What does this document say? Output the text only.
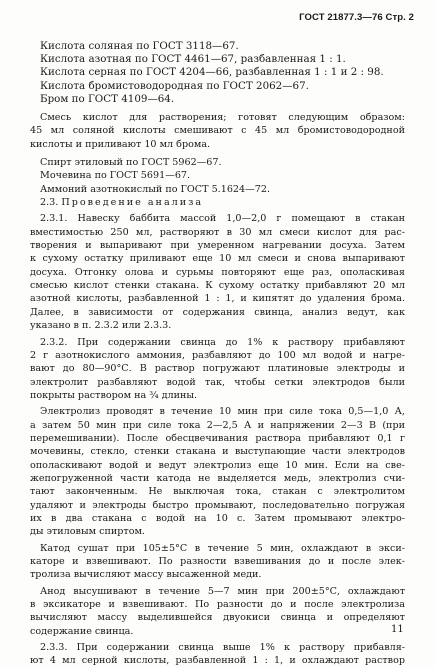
ГОСТ 21877.3—76 Стр. 2
Кислота соляная по ГОСТ 3118—67.
Кислота азотная по ГОСТ 4461—67, разбавленная 1 : 1.
Кислота серная по ГОСТ 4204—66, разбавленная 1 : 1 и 2 : 98.
Кислота бромистоводородная по ГОСТ 2062—67.
Бром по ГОСТ 4109—64.
Смесь кислот для растворения; готовят следующим образом:
45 мл соляной кислоты смешивают с 45 мл бромистоводородной
кислоты и приливают 10 мл брома.
Спирт этиловый по ГОСТ 5962—67.
Мочевина по ГОСТ 5691—67.
Аммоний азотнокислый по ГОСТ 5.1624—72.
2.3. Проведение анализа
2.3.1. Навеску баббита массой 1,0—2,0 г помещают в стакан
вместимостью 250 мл, растворяют в 30 мл смеси кислот для рас-
творения и выпаривают при умеренном нагревании досуха. Затем
к сухому остатку приливают еще 10 мл смеси и снова выпаривают
досуха. Отгонку олова и сурьмы повторяют еще раз, ополаскивая
смесью кислот стенки стакана. К сухому остатку прибавляют 20 мл
азотной кислоты, разбавленной 1 : 1, и кипятят до удаления брома.
Далее, в зависимости от содержания свинца, анализ ведут, как
указано в п. 2.3.2 или 2.3.3.
2.3.2. При содержании свинца до 1% к раствору прибавляют
2 г азотнокислого аммония, разбавляют до 100 мл водой и нагре-
вают до 80—90°С. В раствор погружают платиновые электроды и
электролит разбавляют водой так, чтобы сетки электродов были
покрыты раствором на ¾ длины.
Электролиз проводят в течение 10 мин при силе тока 0,5—1,0 А,
а затем 50 мин при силе тока 2—2,5 А и напряжении 2—3 В (при
перемешивании). После обесцвечивания раствора прибавляют 0,1 г
мочевины, стекло, стенки стакана и выступающие части электродов
ополаскивают водой и ведут электролиз еще 10 мин. Если на све-
жепогруженной части катода не выделяется медь, электролиз счи-
тают законченным. Не выключая тока, стакан с электролитом
удаляют и электроды быстро промывают, последовательно погружая
их в два стакана с водой на 10 с. Затем промывают электро-
ды этиловым спиртом.
Катод сушат при 105±5°С в течение 5 мин, охлаждают в экси-
каторе и взвешивают. По разности взвешивания до и после элек-
тролиза вычисляют массу высаженной меди.
Анод высушивают в течение 5—7 мин при 200±5°С, охлаждают
в эксикаторе и взвешивают. По разности до и после электролиза
вычисляют массу выделившейся двуокиси свинца и определяют
содержание свинца.
2.3.3. При содержании свинца выше 1% к раствору прибавля-
ют 4 мл серной кислоты, разбавленной 1 : 1, и охлаждают раствор
11
